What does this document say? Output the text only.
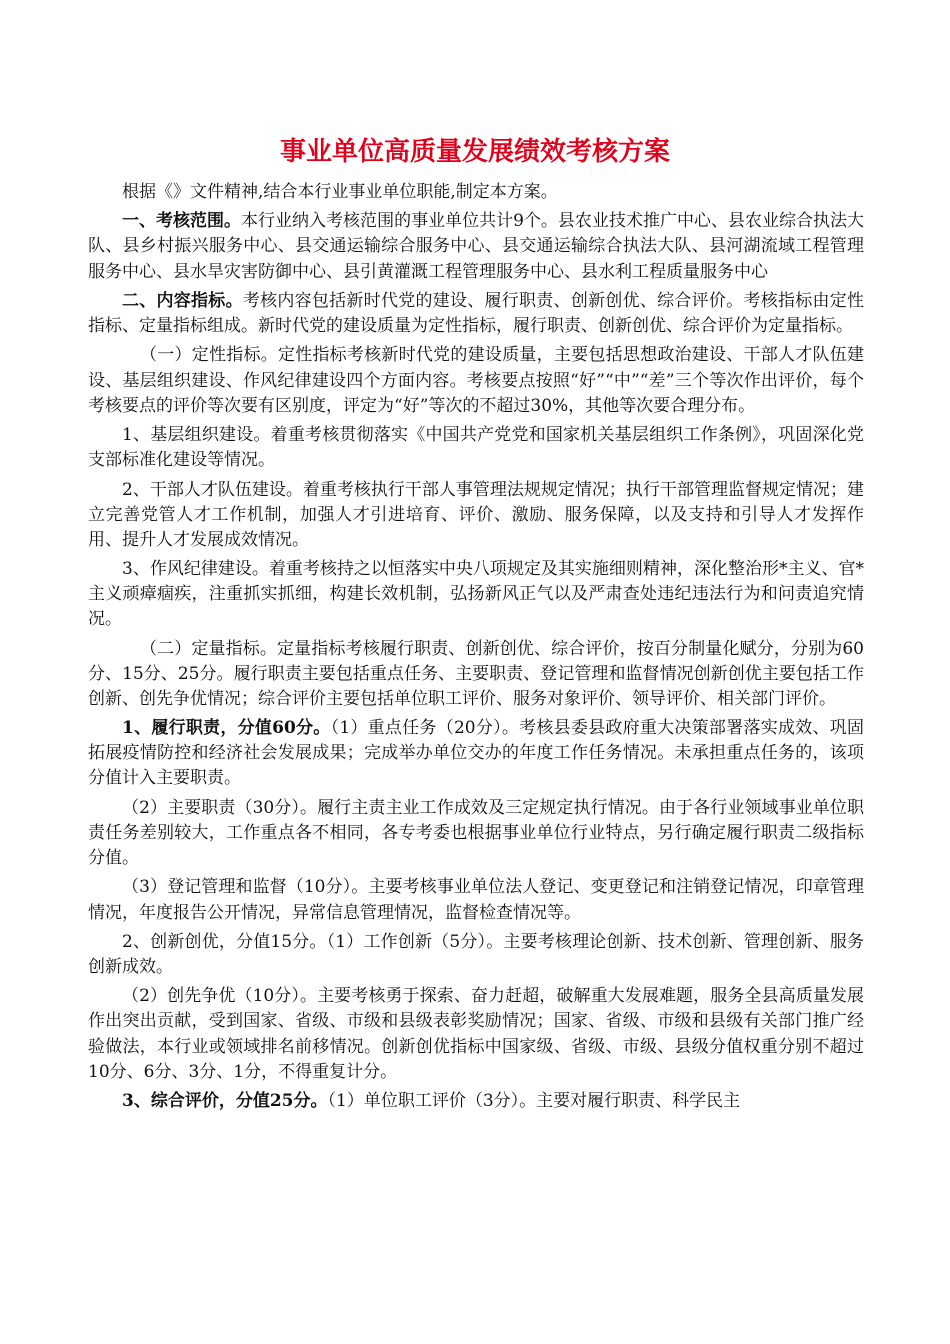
事业单位高质量发展绩效考核方案

根据《》文件精神,结合本行业事业单位职能,制定本方案。

一、考核范围。本行业纳入考核范围的事业单位共计9个。县农业技术推广中心、县农业综合执法大队、县乡村振兴服务中心、县交通运输综合服务中心、县交通运输综合执法大队、县河湖流域工程管理服务中心、县水旱灾害防御中心、县引黄灌溉工程管理服务中心、县水利工程质量服务中心

二、内容指标。考核内容包括新时代党的建设、履行职责、创新创优、综合评价。考核指标由定性指标、定量指标组成。新时代党的建设质量为定性指标，履行职责、创新创优、综合评价为定量指标。

（一）定性指标。定性指标考核新时代党的建设质量，主要包括思想政治建设、干部人才队伍建设、基层组织建设、作风纪律建设四个方面内容。考核要点按照“好”“中”“差”三个等次作出评价，每个考核要点的评价等次要有区别度，评定为“好”等次的不超过30%，其他等次要合理分布。

1、基层组织建设。着重考核贯彻落实《中国共产党党和国家机关基层组织工作条例》，巩固深化党支部标准化建设等情况。

2、干部人才队伍建设。着重考核执行干部人事管理法规规定情况；执行干部管理监督规定情况；建立完善党管人才工作机制，加强人才引进培育、评价、激励、服务保障，以及支持和引导人才发挥作用、提升人才发展成效情况。

3、作风纪律建设。着重考核持之以恒落实中央八项规定及其实施细则精神，深化整治形*主义、官*主义顽瘴痼疾，注重抓实抓细，构建长效机制，弘扬新风正气以及严肃查处违纪违法行为和问责追究情况。

（二）定量指标。定量指标考核履行职责、创新创优、综合评价，按百分制量化赋分，分别为60分、15分、25分。履行职责主要包括重点任务、主要职责、登记管理和监督情况创新创优主要包括工作创新、创先争优情况；综合评价主要包括单位职工评价、服务对象评价、领导评价、相关部门评价。

1、履行职责，分值60分。（1）重点任务（20分）。考核县委县政府重大决策部署落实成效、巩固拓展疫情防控和经济社会发展成果；完成举办单位交办的年度工作任务情况。未承担重点任务的，该项分值计入主要职责。

（2）主要职责（30分）。履行主责主业工作成效及三定规定执行情况。由于各行业领域事业单位职责任务差别较大，工作重点各不相同，各专考委也根据事业单位行业特点，另行确定履行职责二级指标分值。

（3）登记管理和监督（10分）。主要考核事业单位法人登记、变更登记和注销登记情况，印章管理情况，年度报告公开情况，异常信息管理情况，监督检查情况等。

2、创新创优，分值15分。（1）工作创新（5分）。主要考核理论创新、技术创新、管理创新、服务创新成效。

（2）创先争优（10分）。主要考核勇于探索、奋力赶超，破解重大发展难题，服务全县高质量发展作出突出贡献，受到国家、省级、市级和县级表彰奖励情况；国家、省级、市级和县级有关部门推广经验做法，本行业或领域排名前移情况。创新创优指标中国家级、省级、市级、县级分值权重分别不超过10分、6分、3分、1分，不得重复计分。

3、综合评价，分值25分。（1）单位职工评价（3分）。主要对履行职责、科学民主
